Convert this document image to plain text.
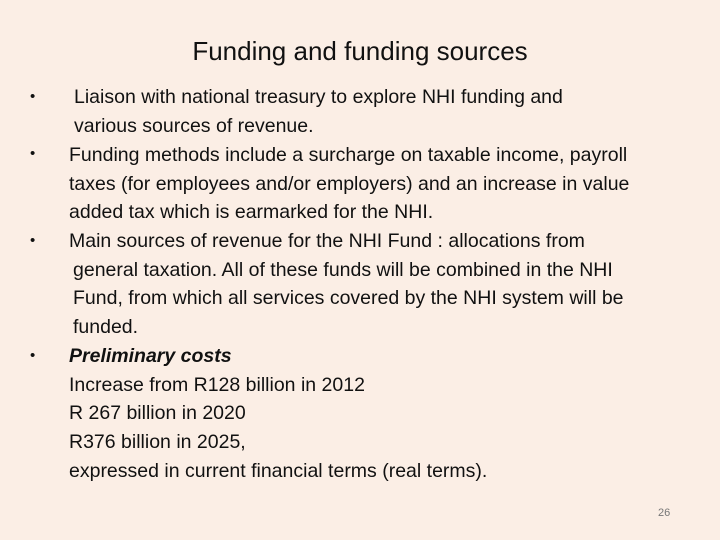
Funding and funding sources
• Liaison with national treasury to explore NHI funding and
various sources of revenue.
• Funding methods include a surcharge on taxable income, payroll
taxes (for employees and/or employers) and an increase in value
added tax which is earmarked for the NHI.
• Main sources of revenue for the NHI Fund : allocations from
general taxation. All of these funds will be combined in the NHI
Fund, from which all services covered by the NHI system will be
funded.
• Preliminary costs
Increase from R128 billion in 2012
R 267 billion in 2020
R376 billion in 2025,
expressed in current financial terms (real terms).
26
